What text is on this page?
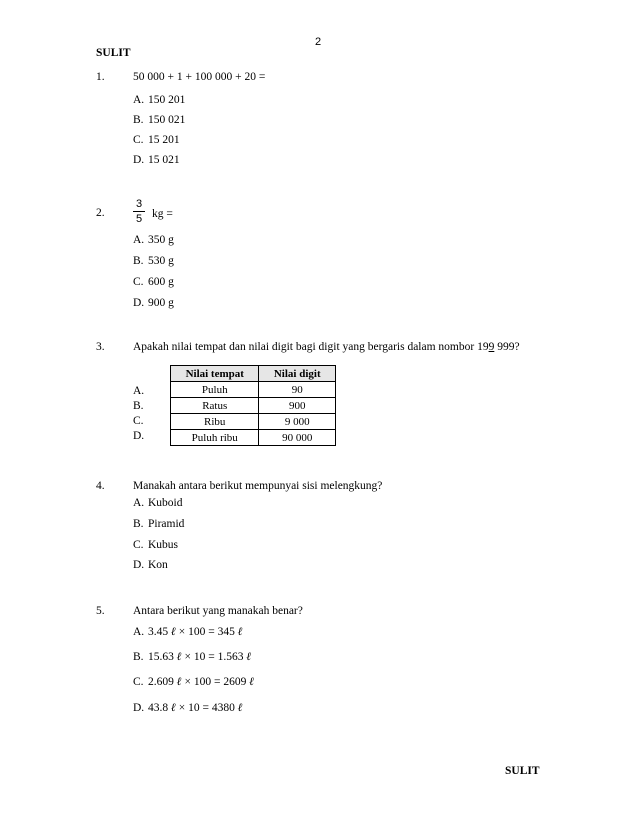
2
SULIT
1. 50 000 + 1 + 100 000 + 20 =
A. 150 201
B. 150 021
C. 15 201
D. 15 021
2.
3
5 kg =
A. 350 g
B. 530 g
C. 600 g
D. 900 g
3. Apakah nilai tempat dan nilai digit bagi digit yang bergaris dalam nombor 199 999?
A.
B.
C.
D.
Nilai tempat	Nilai digit
Puluh	90
Ratus	900
Ribu	9 000
Puluh ribu	90 000
4. Manakah antara berikut mempunyai sisi melengkung?
A. Kuboid
B. Piramid
C. Kubus
D. Kon
5. Antara berikut yang manakah benar?
A. 3.45 ℓ × 100 = 345 ℓ
B. 15.63 ℓ × 10 = 1.563 ℓ
C. 2.609 ℓ × 100 = 2609 ℓ
D. 43.8 ℓ × 10 = 4380 ℓ
SULIT
